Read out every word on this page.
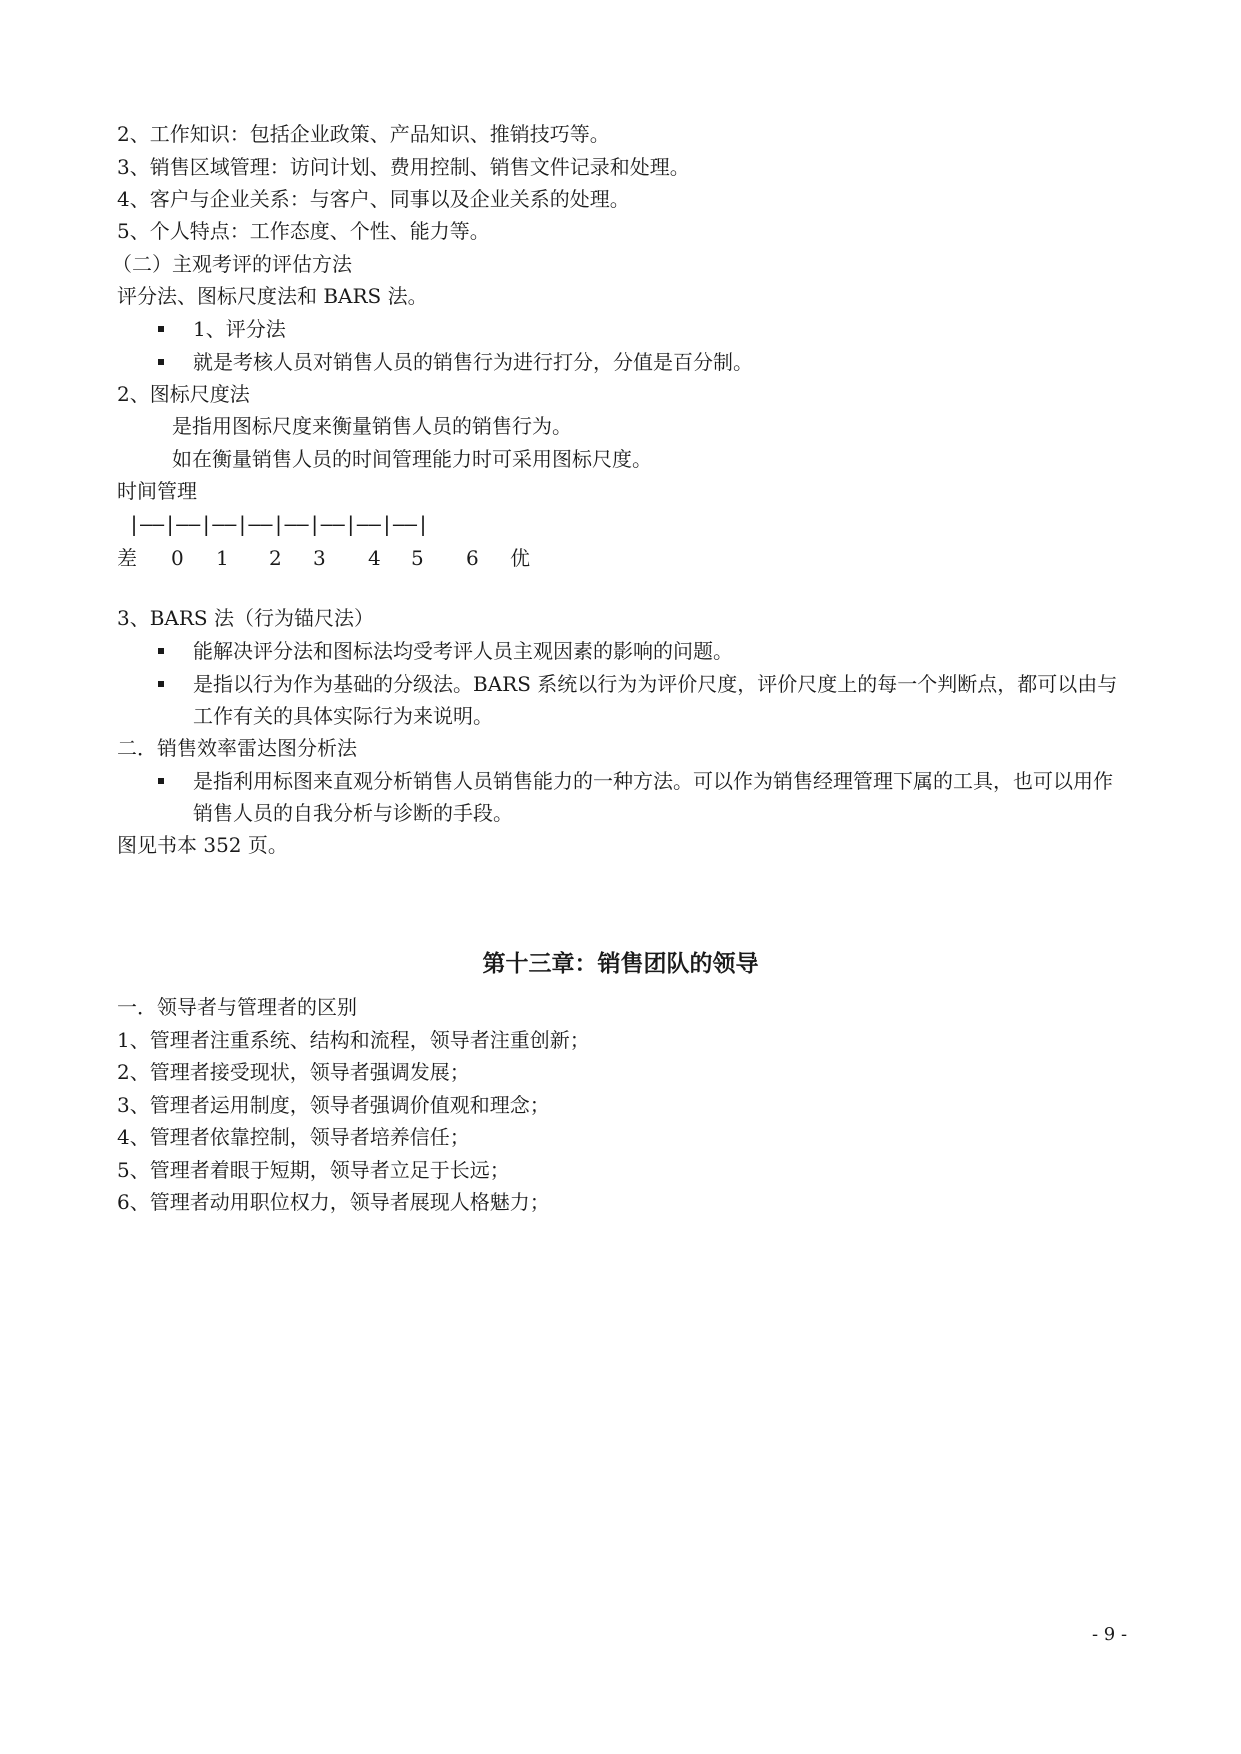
2、工作知识：包括企业政策、产品知识、推销技巧等。
3、销售区域管理：访问计划、费用控制、销售文件记录和处理。
4、客户与企业关系：与客户、同事以及企业关系的处理。
5、个人特点：工作态度、个性、能力等。
（二）主观考评的评估方法
评分法、图标尺度法和 BARS 法。
1、评分法
就是考核人员对销售人员的销售行为进行打分，分值是百分制。
2、图标尺度法
是指用图标尺度来衡量销售人员的销售行为。
如在衡量销售人员的时间管理能力时可采用图标尺度。
时间管理
|——|——|——|——|——|——|——|——|
差 0 1 2 3 4 5 6 优
3、BARS 法（行为锚尺法）
能解决评分法和图标法均受考评人员主观因素的影响的问题。
是指以行为作为基础的分级法。BARS 系统以行为为评价尺度，评价尺度上的每一个判断点，都可以由与工作有关的具体实际行为来说明。
二．销售效率雷达图分析法
是指利用标图来直观分析销售人员销售能力的一种方法。可以作为销售经理管理下属的工具，也可以用作销售人员的自我分析与诊断的手段。
图见书本 352 页。
第十三章：销售团队的领导
一．领导者与管理者的区别
1、管理者注重系统、结构和流程，领导者注重创新；
2、管理者接受现状，领导者强调发展；
3、管理者运用制度，领导者强调价值观和理念；
4、管理者依靠控制，领导者培养信任；
5、管理者着眼于短期，领导者立足于长远；
6、管理者动用职位权力，领导者展现人格魅力；
- 9 -
